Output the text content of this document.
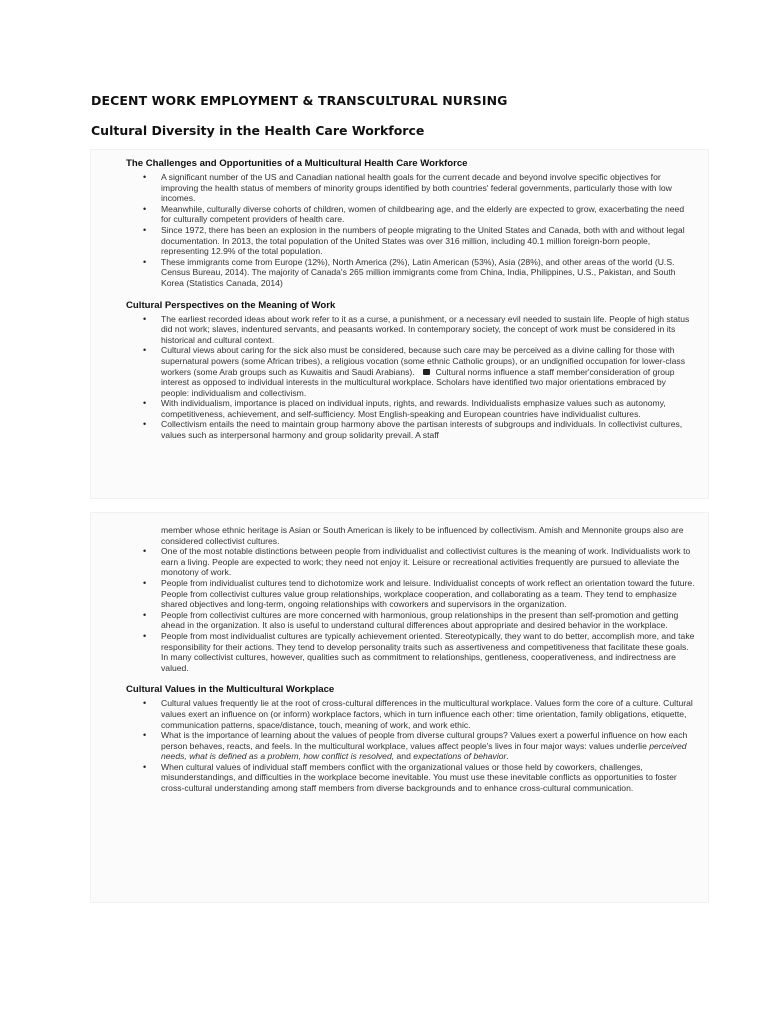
DECENT WORK EMPLOYMENT & TRANSCULTURAL NURSING
Cultural Diversity in the Health Care Workforce
The Challenges and Opportunities of a Multicultural Health Care Workforce
• A significant number of the US and Canadian national health goals for the current decade and beyond involve specific objectives for improving the health status of members of minority groups identified by both countries' federal governments, particularly those with low incomes.
• Meanwhile, culturally diverse cohorts of children, women of childbearing age, and the elderly are expected to grow, exacerbating the need for culturally competent providers of health care.
• Since 1972, there has been an explosion in the numbers of people migrating to the United States and Canada, both with and without legal documentation. In 2013, the total population of the United States was over 316 million, including 40.1 million foreign-born people, representing 12.9% of the total population.
• These immigrants come from Europe (12%), North America (2%), Latin American (53%), Asia (28%), and other areas of the world (U.S. Census Bureau, 2014). The majority of Canada's 265 million immigrants come from China, India, Philippines, U.S., Pakistan, and South Korea (Statistics Canada, 2014)
Cultural Perspectives on the Meaning of Work
• The earliest recorded ideas about work refer to it as a curse, a punishment, or a necessary evil needed to sustain life. People of high status did not work; slaves, indentured servants, and peasants worked. In contemporary society, the concept of work must be considered in its historical and cultural context.
• Cultural views about caring for the sick also must be considered, because such care may be perceived as a divine calling for those with supernatural powers (some African tribes), a religious vocation (some ethnic Catholic groups), or an undignified occupation for lower-class workers (some Arab groups such as Kuwaitis and Saudi Arabians). Cultural norms influence a staff member'consideration of group interest as opposed to individual interests in the multicultural workplace. Scholars have identified two major orientations embraced by people: individualism and collectivism.
• With individualism, importance is placed on individual inputs, rights, and rewards. Individualists emphasize values such as autonomy, competitiveness, achievement, and self-sufficiency. Most English-speaking and European countries have individualist cultures.
• Collectivism entails the need to maintain group harmony above the partisan interests of subgroups and individuals. In collectivist cultures, values such as interpersonal harmony and group solidarity prevail. A staff

member whose ethnic heritage is Asian or South American is likely to be influenced by collectivism. Amish and Mennonite groups also are considered collectivist cultures.

• One of the most notable distinctions between people from individualist and collectivist cultures is the meaning of work. Individualists work to earn a living. People are expected to work; they need not enjoy it. Leisure or recreational activities frequently are pursued to alleviate the monotony of work.
• People from individualist cultures tend to dichotomize work and leisure. Individualist concepts of work reflect an orientation toward the future. People from collectivist cultures value group relationships, workplace cooperation, and collaborating as a team. They tend to emphasize shared objectives and long-term, ongoing relationships with coworkers and supervisors in the organization.
• People from collectivist cultures are more concerned with harmonious, group relationships in the present than self-promotion and getting ahead in the organization. It also is useful to understand cultural differences about appropriate and desired behavior in the workplace.
• People from most individualist cultures are typically achievement oriented. Stereotypically, they want to do better, accomplish more, and take responsibility for their actions. They tend to develop personality traits such as assertiveness and competitiveness that facilitate these goals. In many collectivist cultures, however, qualities such as commitment to relationships, gentleness, cooperativeness, and indirectness are valued.
Cultural Values in the Multicultural Workplace
• Cultural values frequently lie at the root of cross-cultural differences in the multicultural workplace. Values form the core of a culture. Cultural values exert an influence on (or inform) workplace factors, which in turn influence each other: time orientation, family obligations, etiquette, communication patterns, space/distance, touch, meaning of work, and work ethic.
• What is the importance of learning about the values of people from diverse cultural groups? Values exert a powerful influence on how each person behaves, reacts, and feels. In the multicultural workplace, values affect people's lives in four major ways: values underlie perceived needs, what is defined as a problem, how conflict is resolved, and expectations of behavior.
• When cultural values of individual staff members conflict with the organizational values or those held by coworkers, challenges, misunderstandings, and difficulties in the workplace become inevitable. You must use these inevitable conflicts as opportunities to foster cross-cultural understanding among staff members from diverse backgrounds and to enhance cross-cultural communication.
